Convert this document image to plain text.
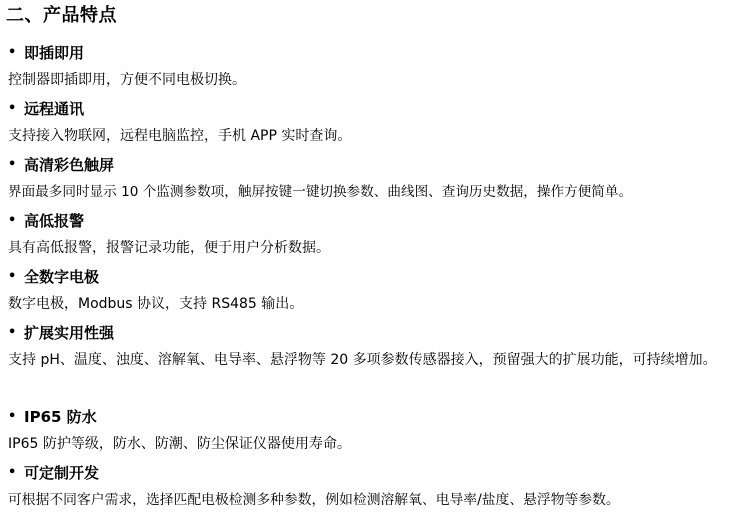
二、产品特点
• 即插即用
控制器即插即用，方便不同电极切换。
• 远程通讯
支持接入物联网，远程电脑监控，手机 APP 实时查询。
• 高清彩色触屏
界面最多同时显示 10 个监测参数项，触屏按键一键切换参数、曲线图、查询历史数据，操作方便简单。
• 高低报警
具有高低报警，报警记录功能，便于用户分析数据。
• 全数字电极
数字电极，Modbus 协议，支持 RS485 输出。
• 扩展实用性强
支持 pH、温度、浊度、溶解氧、电导率、悬浮物等 20 多项参数传感器接入，预留强大的扩展功能，可持续增加。
• IP65 防水
IP65 防护等级，防水、防潮、防尘保证仪器使用寿命。
• 可定制开发
可根据不同客户需求，选择匹配电极检测多种参数，例如检测溶解氧、电导率/盐度、悬浮物等参数。
